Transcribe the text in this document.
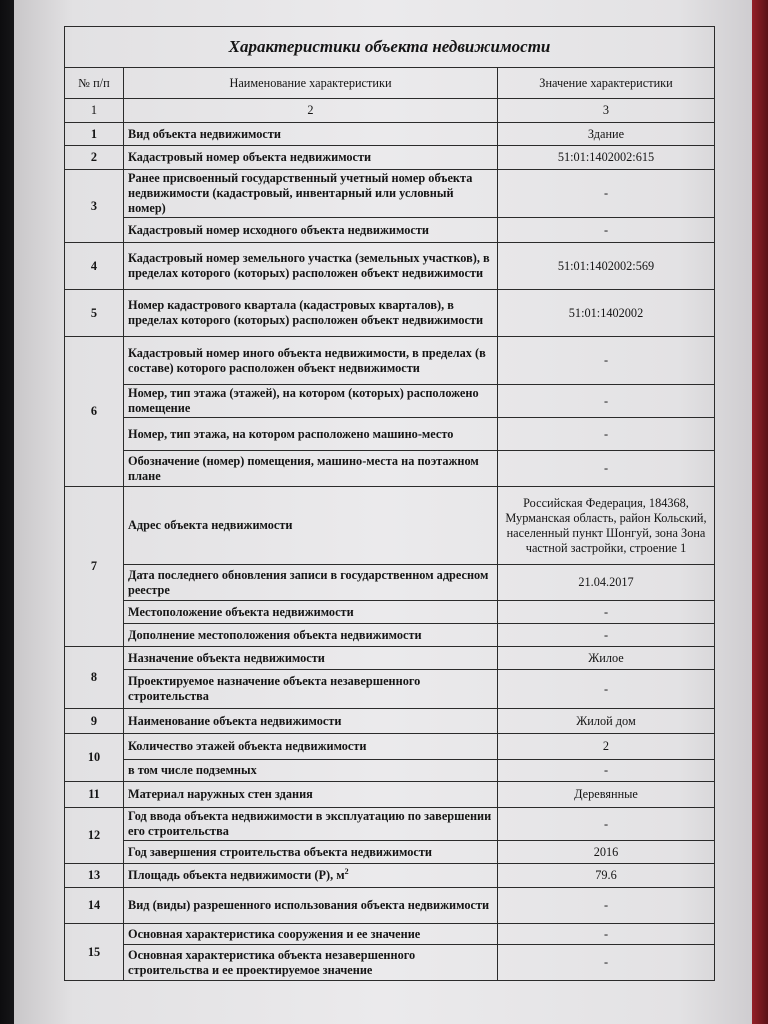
Характеристики объекта недвижимости		
№ п/п	Наименование характеристики	Значение характеристики
1	2	3
1	Вид объекта недвижимости	Здание
2	Кадастровый номер объекта недвижимости	51:01:1402002:615
3	Ранее присвоенный государственный учетный номер объекта недвижимости (кадастровый, инвентарный или условный номер)	-
	Кадастровый номер исходного объекта недвижимости	-
4	Кадастровый номер земельного участка (земельных участков), в пределах которого (которых) расположен объект недвижимости	51:01:1402002:569
5	Номер кадастрового квартала (кадастровых кварталов), в пределах которого (которых) расположен объект недвижимости	51:01:1402002
6	Кадастровый номер иного объекта недвижимости, в пределах (в составе) которого расположен объект недвижимости	-
	Номер, тип этажа (этажей), на котором (которых) расположено помещение	-
	Номер, тип этажа, на котором расположено машино-место	-
	Обозначение (номер) помещения, машино-места на поэтажном плане	-
7	Адрес объекта недвижимости	Российская Федерация, 184368, Мурманская область, район Кольский, населенный пункт Шонгуй, зона Зона частной застройки, строение 1
	Дата последнего обновления записи в государственном адресном реестре	21.04.2017
	Местоположение объекта недвижимости	-
	Дополнение местоположения объекта недвижимости	-
8	Назначение объекта недвижимости	Жилое
	Проектируемое назначение объекта незавершенного строительства	-
9	Наименование объекта недвижимости	Жилой дом
10	Количество этажей объекта недвижимости	2
	в том числе подземных	-
11	Материал наружных стен здания	Деревянные
12	Год ввода объекта недвижимости в эксплуатацию по завершении его строительства	-
	Год завершения строительства объекта недвижимости	2016
13	Площадь объекта недвижимости (Р), $м^2$	79.6
14	Вид (виды) разрешенного использования объекта недвижимости	-
15	Основная характеристика сооружения и ее значение	-
	Основная характеристика объекта незавершенного строительства и ее проектируемое значение	-
